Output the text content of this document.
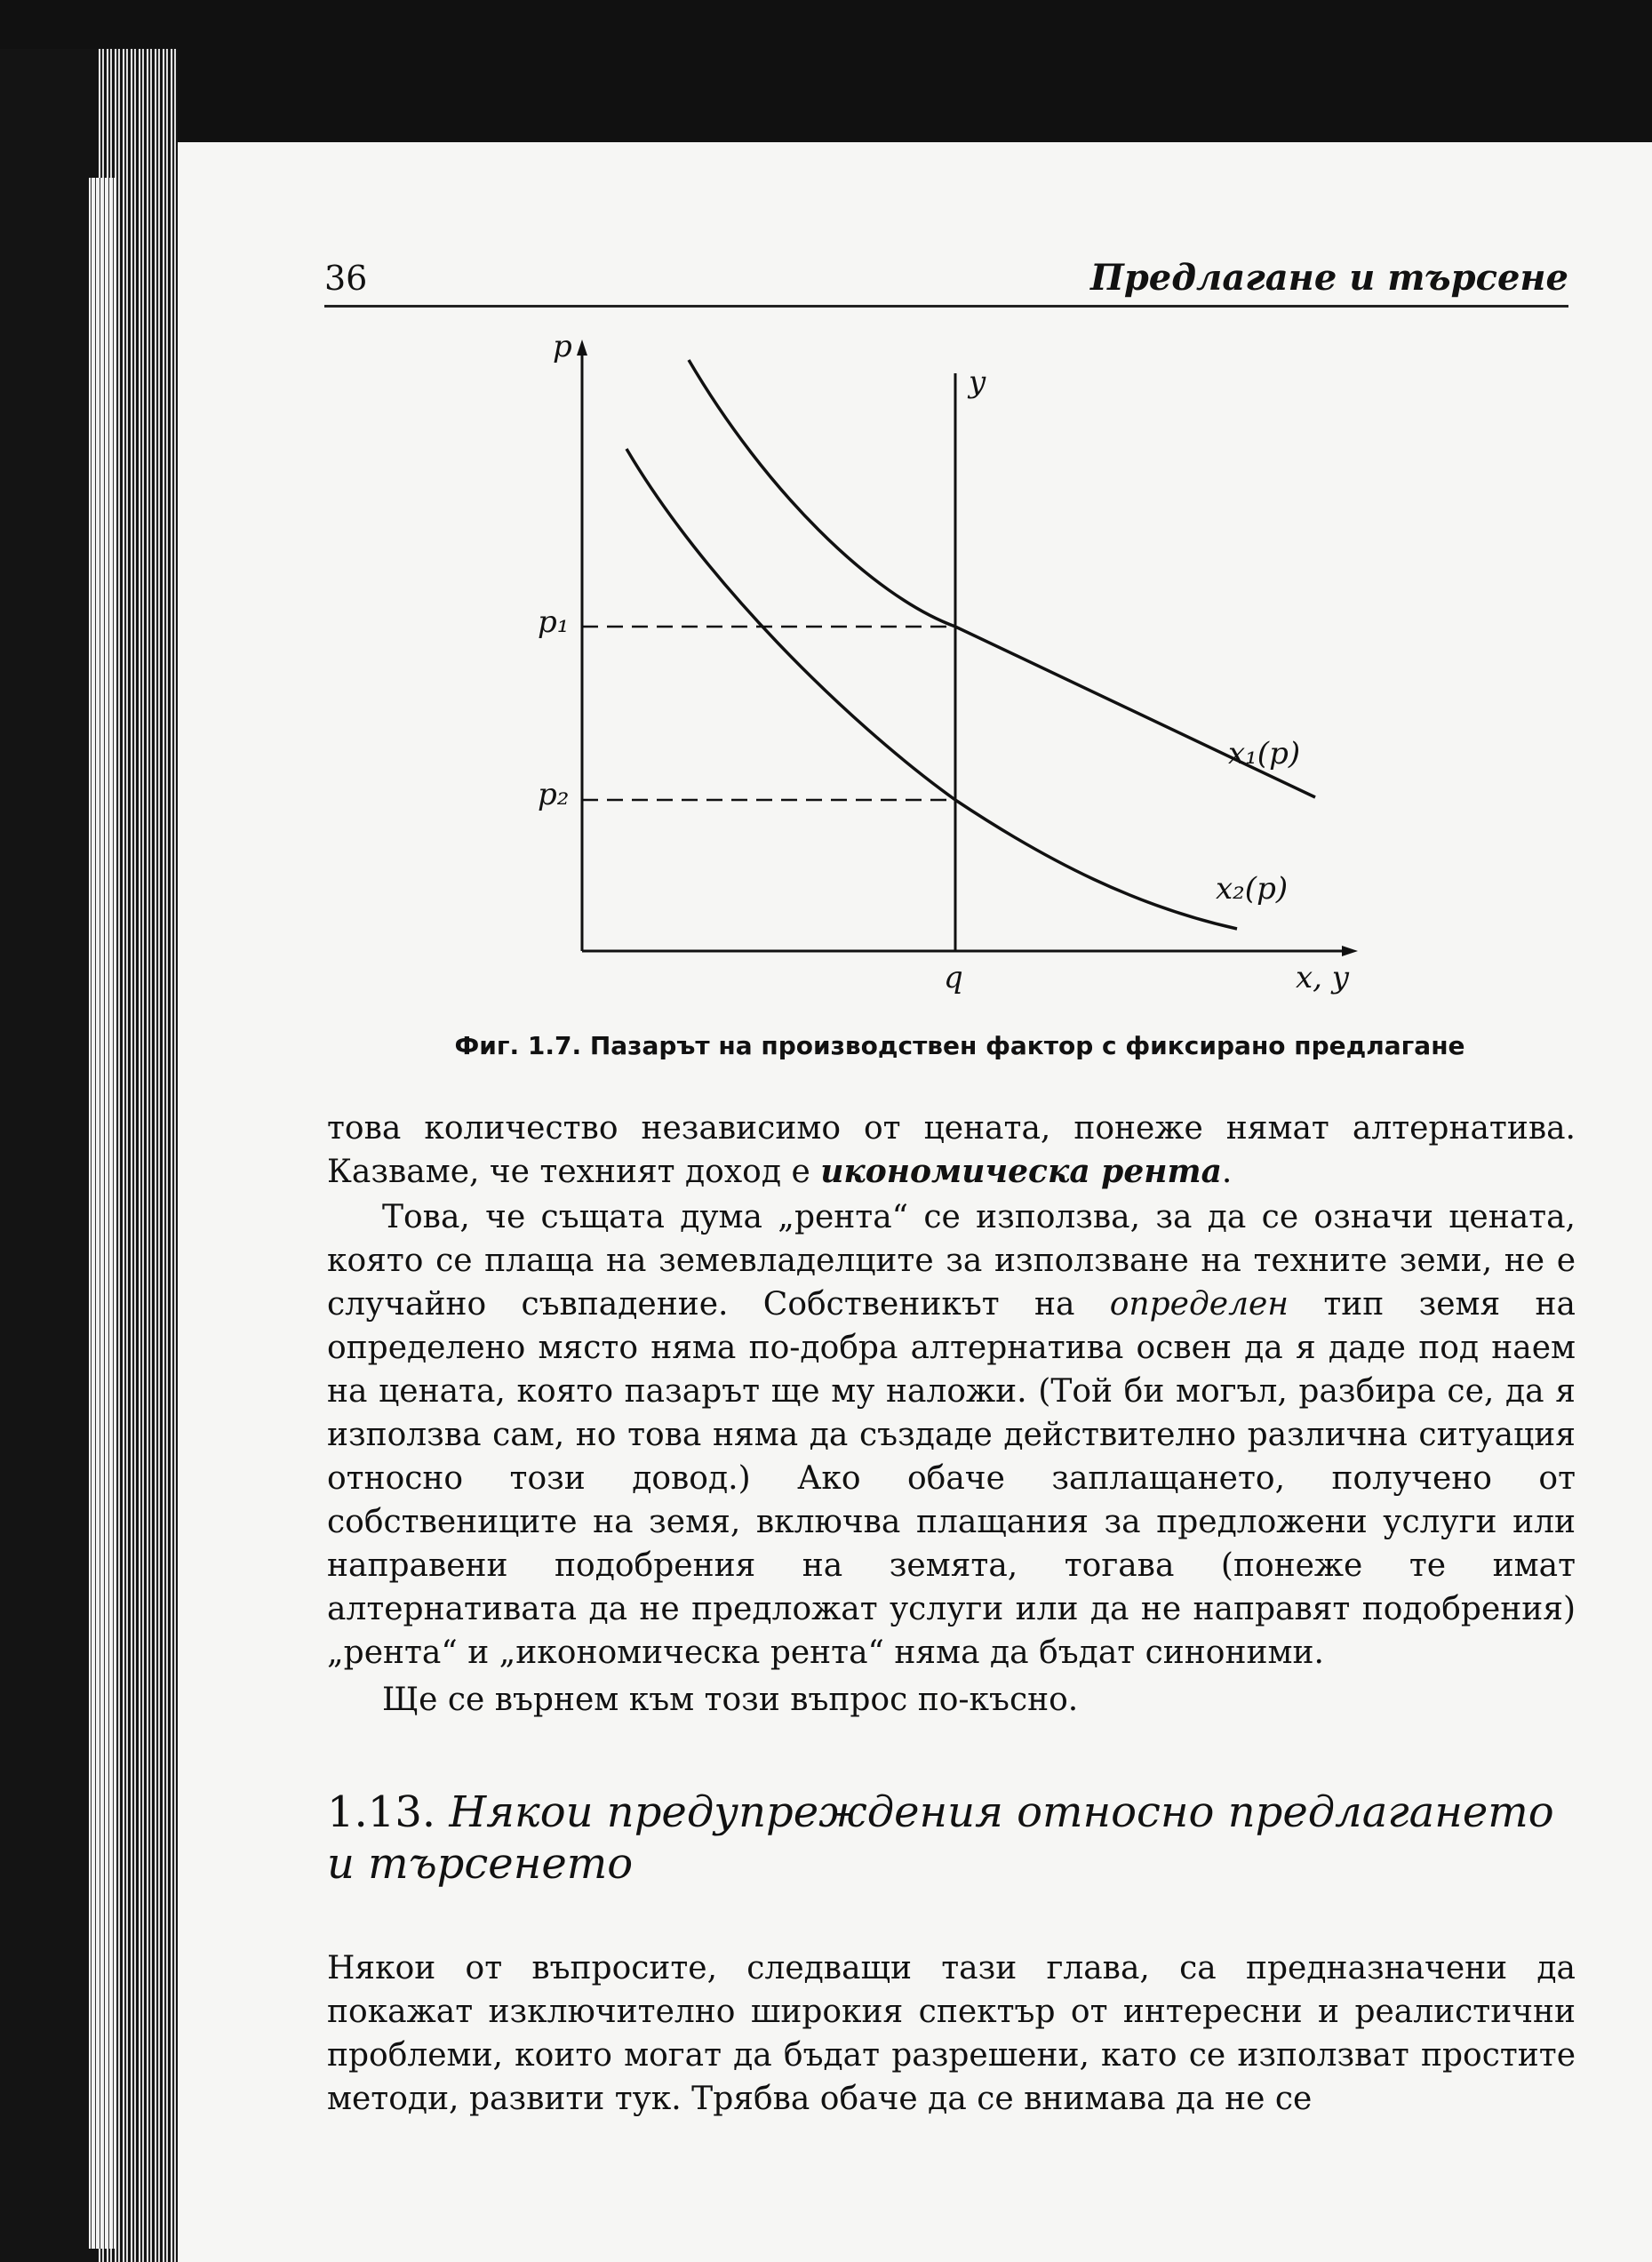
36	Предлагане и търсене
p
y
p₁
p₂
x₁(p)
x₂(p)
q	x, y
Фиг. 1.7. Пазарът на производствен фактор с фиксирано предлагане
това количество независимо от цената, понеже нямат алтернатива. Казваме, че техният доход е икономическа рента.
Това, че същата дума „рента“ се използва, за да се означи цената, която се плаща на земевладелците за използване на техните земи, не е случайно съвпадение. Собственикът на определен тип земя на определено място няма по-добра алтернатива освен да я даде под наем на цената, която пазарът ще му наложи. (Той би могъл, разбира се, да я използва сам, но това няма да създаде действително различна ситуация относно този довод.) Ако обаче заплащането, получено от собствениците на земя, включва плащания за предложени услуги или направени подобрения на земята, тогава (понеже те имат алтернативата да не предложат услуги или да не направят подобрения) „рента“ и „икономическа рента“ няма да бъдат синоними.
Ще се върнем към този въпрос по-късно.
1.13. Някои предупреждения относно предлагането и търсенето
Някои от въпросите, следващи тази глава, са предназначени да покажат изключително широкия спектър от интересни и реалистични проблеми, които могат да бъдат разрешени, като се използват простите методи, развити тук. Трябва обаче да се внимава да не се
